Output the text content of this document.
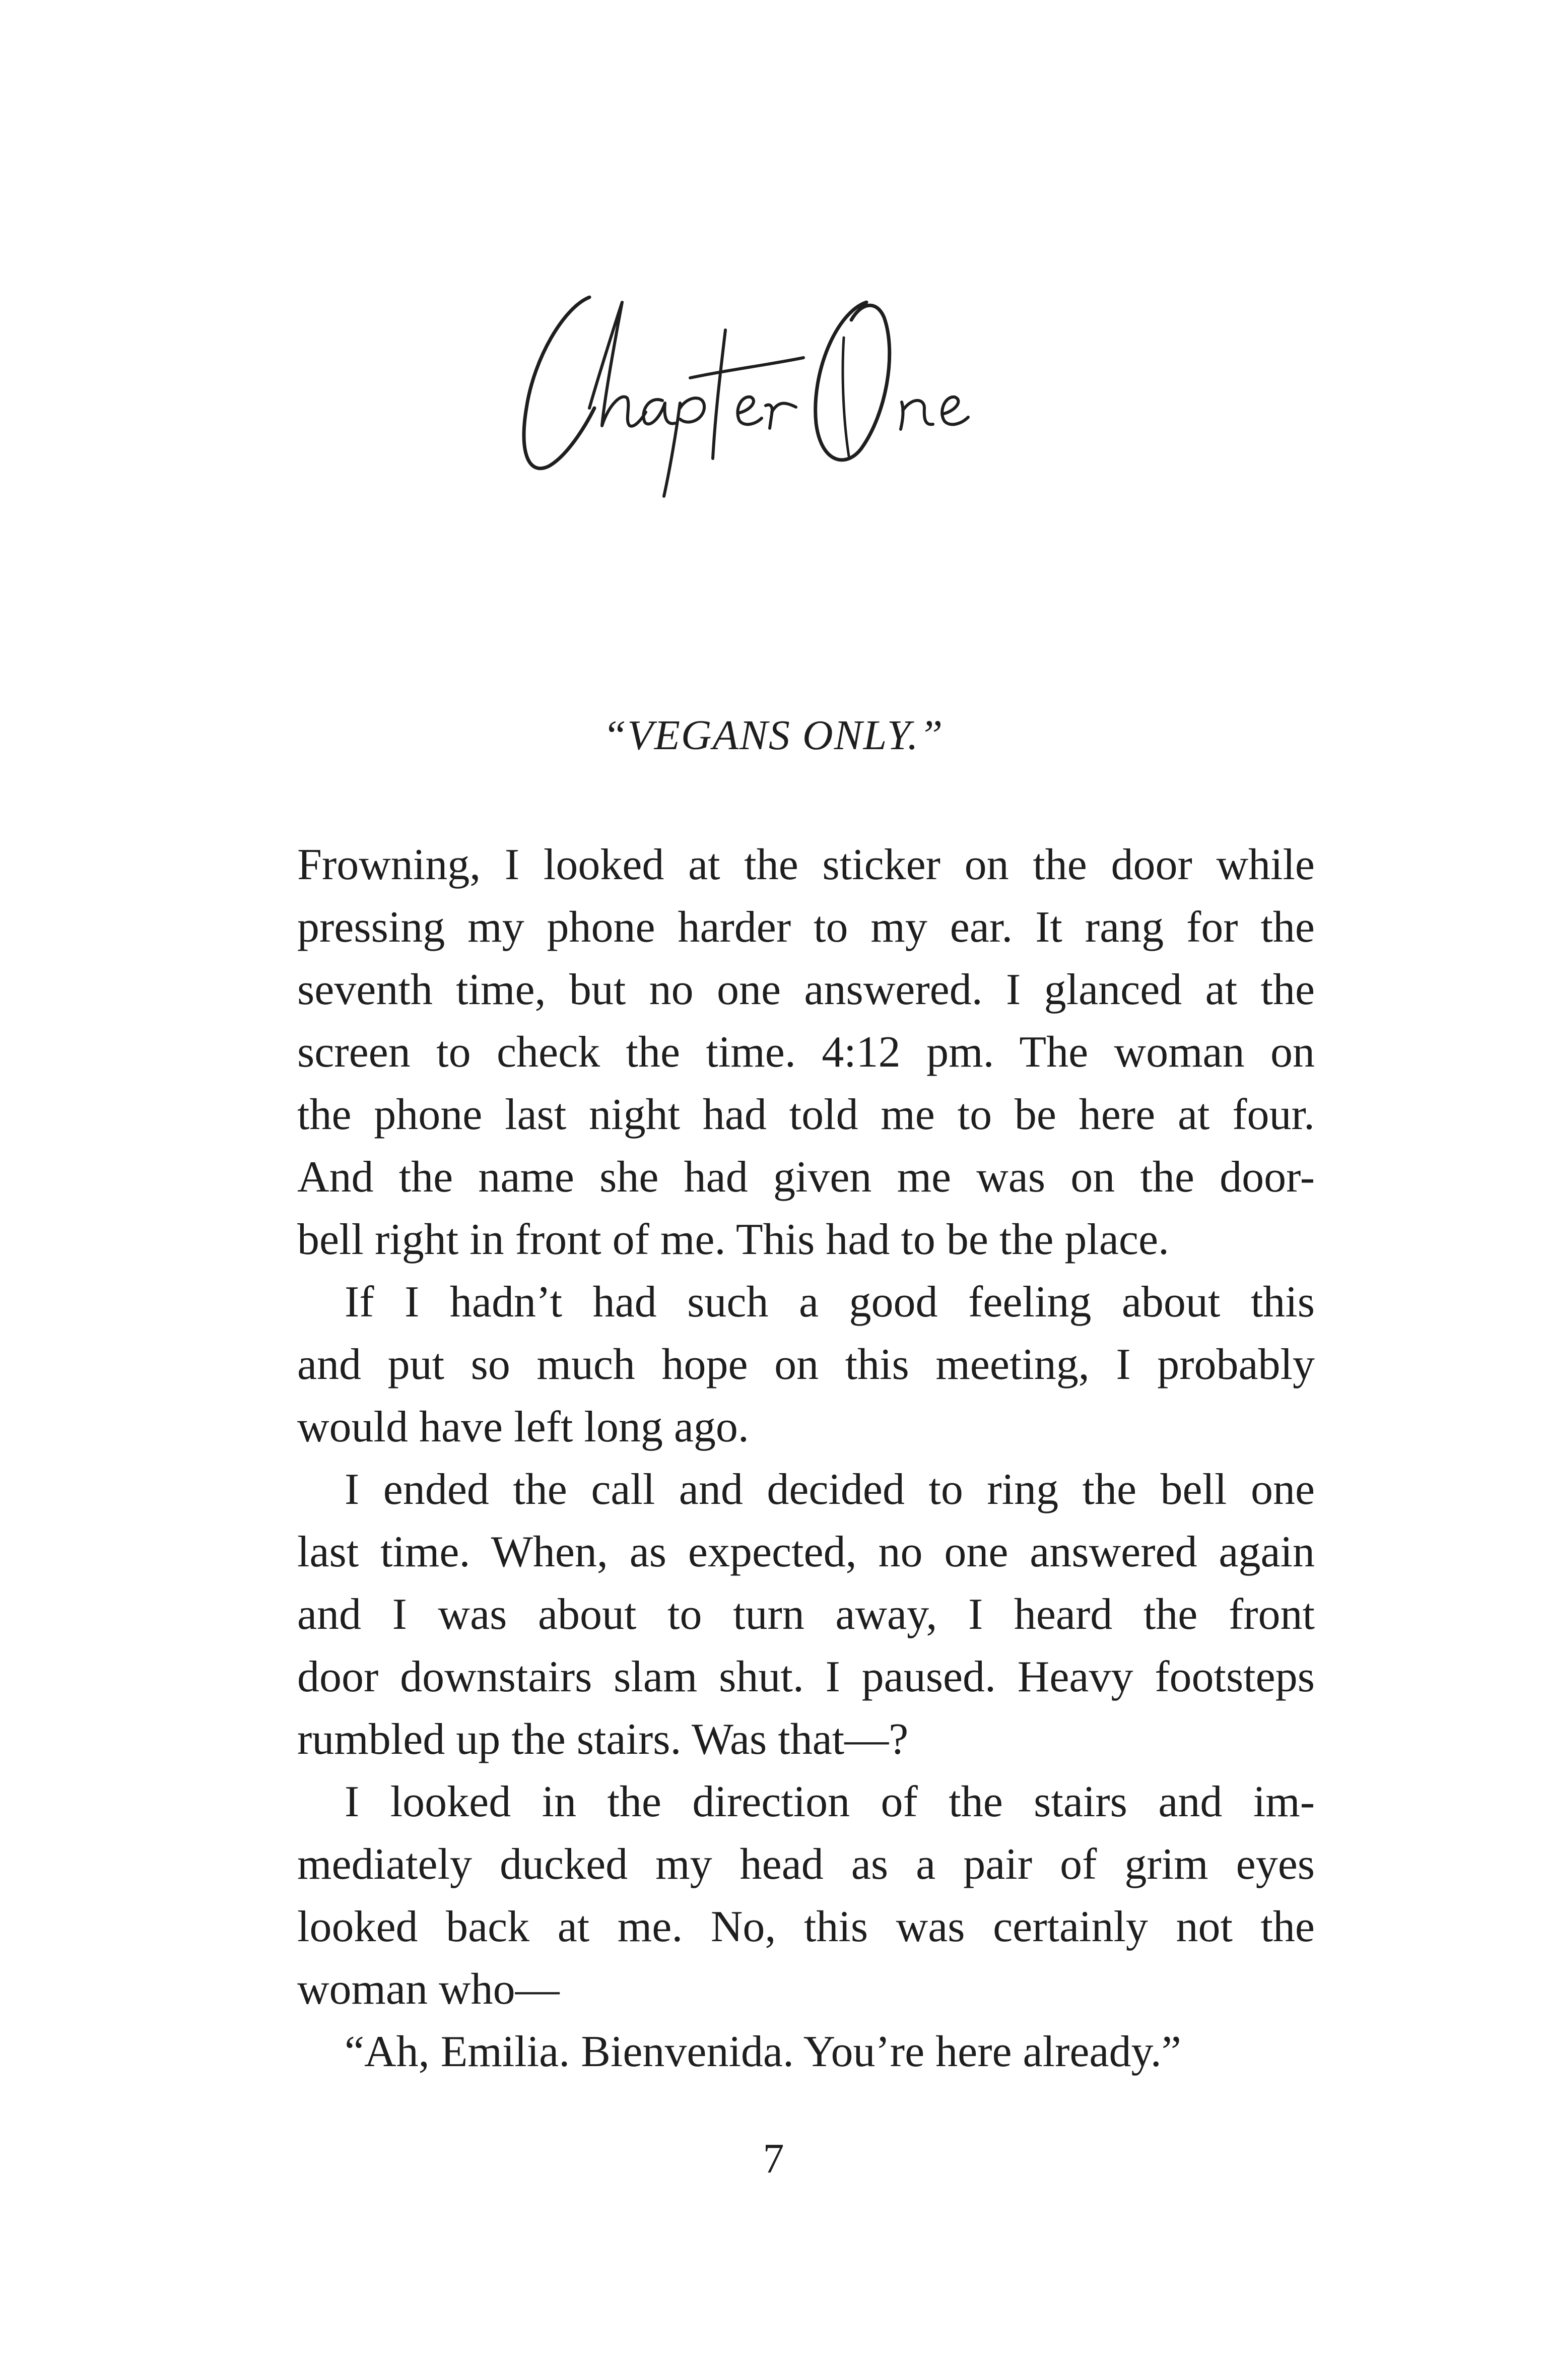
“VEGANS ONLY.”
Frowning, I looked at the sticker on the door while
pressing my phone harder to my ear. It rang for the
seventh time, but no one answered. I glanced at the
screen to check the time. 4:12 pm. The woman on
the phone last night had told me to be here at four.
And the name she had given me was on the door-
bell right in front of me. This had to be the place.
If I hadn’t had such a good feeling about this
and put so much hope on this meeting, I probably
would have left long ago.
I ended the call and decided to ring the bell one
last time. When, as expected, no one answered again
and I was about to turn away, I heard the front
door downstairs slam shut. I paused. Heavy footsteps
rumbled up the stairs. Was that—?
I looked in the direction of the stairs and im-
mediately ducked my head as a pair of grim eyes
looked back at me. No, this was certainly not the
woman who—
“Ah, Emilia. Bienvenida. You’re here already.”
7
